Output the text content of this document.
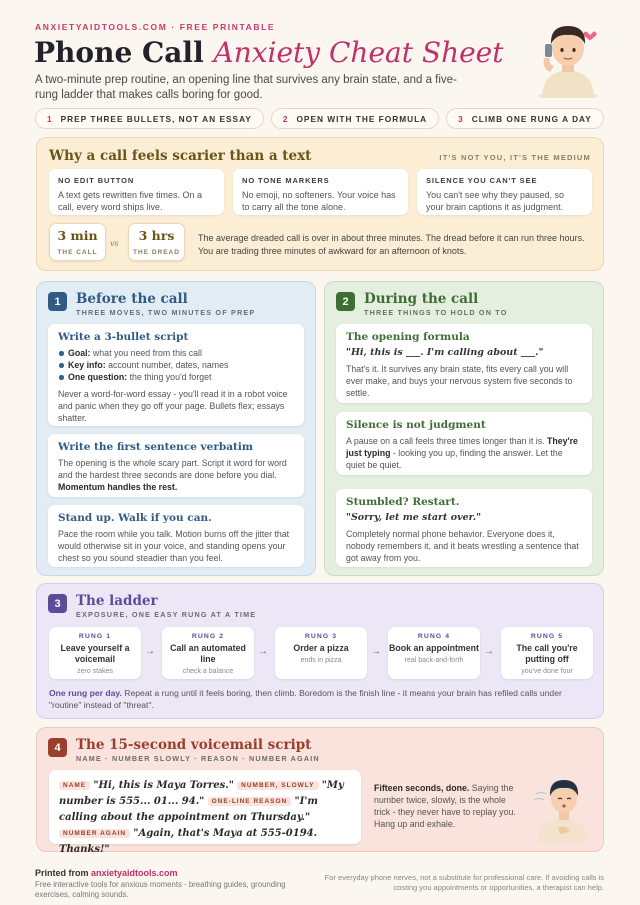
ANXIETYAIDTOOLS.COM · FREE PRINTABLE
Phone Call Anxiety Cheat Sheet
A two-minute prep routine, an opening line that survives any brain state, and a five-rung ladder that makes calls boring for good.
1 PREP THREE BULLETS, NOT AN ESSAY	2 OPEN WITH THE FORMULA	3 CLIMB ONE RUNG A DAY
Why a call feels scarier than a text	IT'S NOT YOU, IT'S THE MEDIUM
NO EDIT BUTTON
A text gets rewritten five times. On a call, every word ships live.
NO TONE MARKERS
No emoji, no softeners. Your voice has to carry all the tone alone.
SILENCE YOU CAN'T SEE
You can't see why they paused, so your brain captions it as judgment.
3 min
THE CALL
vs
3 hrs
THE DREAD
The average dreaded call is over in about three minutes. The dread before it can run three hours. You are trading three minutes of awkward for an afternoon of knots.
1	Before the call
THREE MOVES, TWO MINUTES OF PREP
Write a 3-bullet script
Goal: what you need from this call
Key info: account number, dates, names
One question: the thing you'd forget
Never a word-for-word essay - you'll read it in a robot voice and panic when they go off your page. Bullets flex; essays shatter.
Write the first sentence verbatim
The opening is the whole scary part. Script it word for word and the hardest three seconds are done before you dial. Momentum handles the rest.
Stand up. Walk if you can.
Pace the room while you talk. Motion burns off the jitter that would otherwise sit in your voice, and standing opens your chest so you sound steadier than you feel.
2	During the call
THREE THINGS TO HOLD ON TO
The opening formula
"Hi, this is ___. I'm calling about ___."
That's it. It survives any brain state, fits every call you will ever make, and buys your nervous system five seconds to settle.
Silence is not judgment
A pause on a call feels three times longer than it is. They're just typing - looking you up, finding the answer. Let the quiet be quiet.
Stumbled? Restart.
"Sorry, let me start over."
Completely normal phone behavior. Everyone does it, nobody remembers it, and it beats wrestling a sentence that got away from you.
3	The ladder
EXPOSURE, ONE EASY RUNG AT A TIME
RUNG 1
Leave yourself a voicemail
zero stakes
→
RUNG 2
Call an automated line
check a balance
→
RUNG 3
Order a pizza
ends in pizza
→
RUNG 4
Book an appointment
real back-and-forth
→
RUNG 5
The call you're putting off
you've done four
One rung per day. Repeat a rung until it feels boring, then climb. Boredom is the finish line - it means your brain has refiled calls under "routine" instead of "threat".
4	The 15-second voicemail script
NAME · NUMBER SLOWLY · REASON · NUMBER AGAIN
NAME "Hi, this is Maya Torres." NUMBER, SLOWLY "My number is 555... 01... 94." ONE-LINE REASON "I'm calling about the appointment on Thursday." NUMBER AGAIN "Again, that's Maya at 555-0194. Thanks!"
Fifteen seconds, done. Saying the number twice, slowly, is the whole trick - they never have to replay you. Hang up and exhale.
Printed from anxietyaidtools.com
Free interactive tools for anxious moments - breathing guides, grounding exercises, calming sounds.
For everyday phone nerves, not a substitute for professional care. If avoiding calls is costing you appointments or opportunities, a therapist can help.
